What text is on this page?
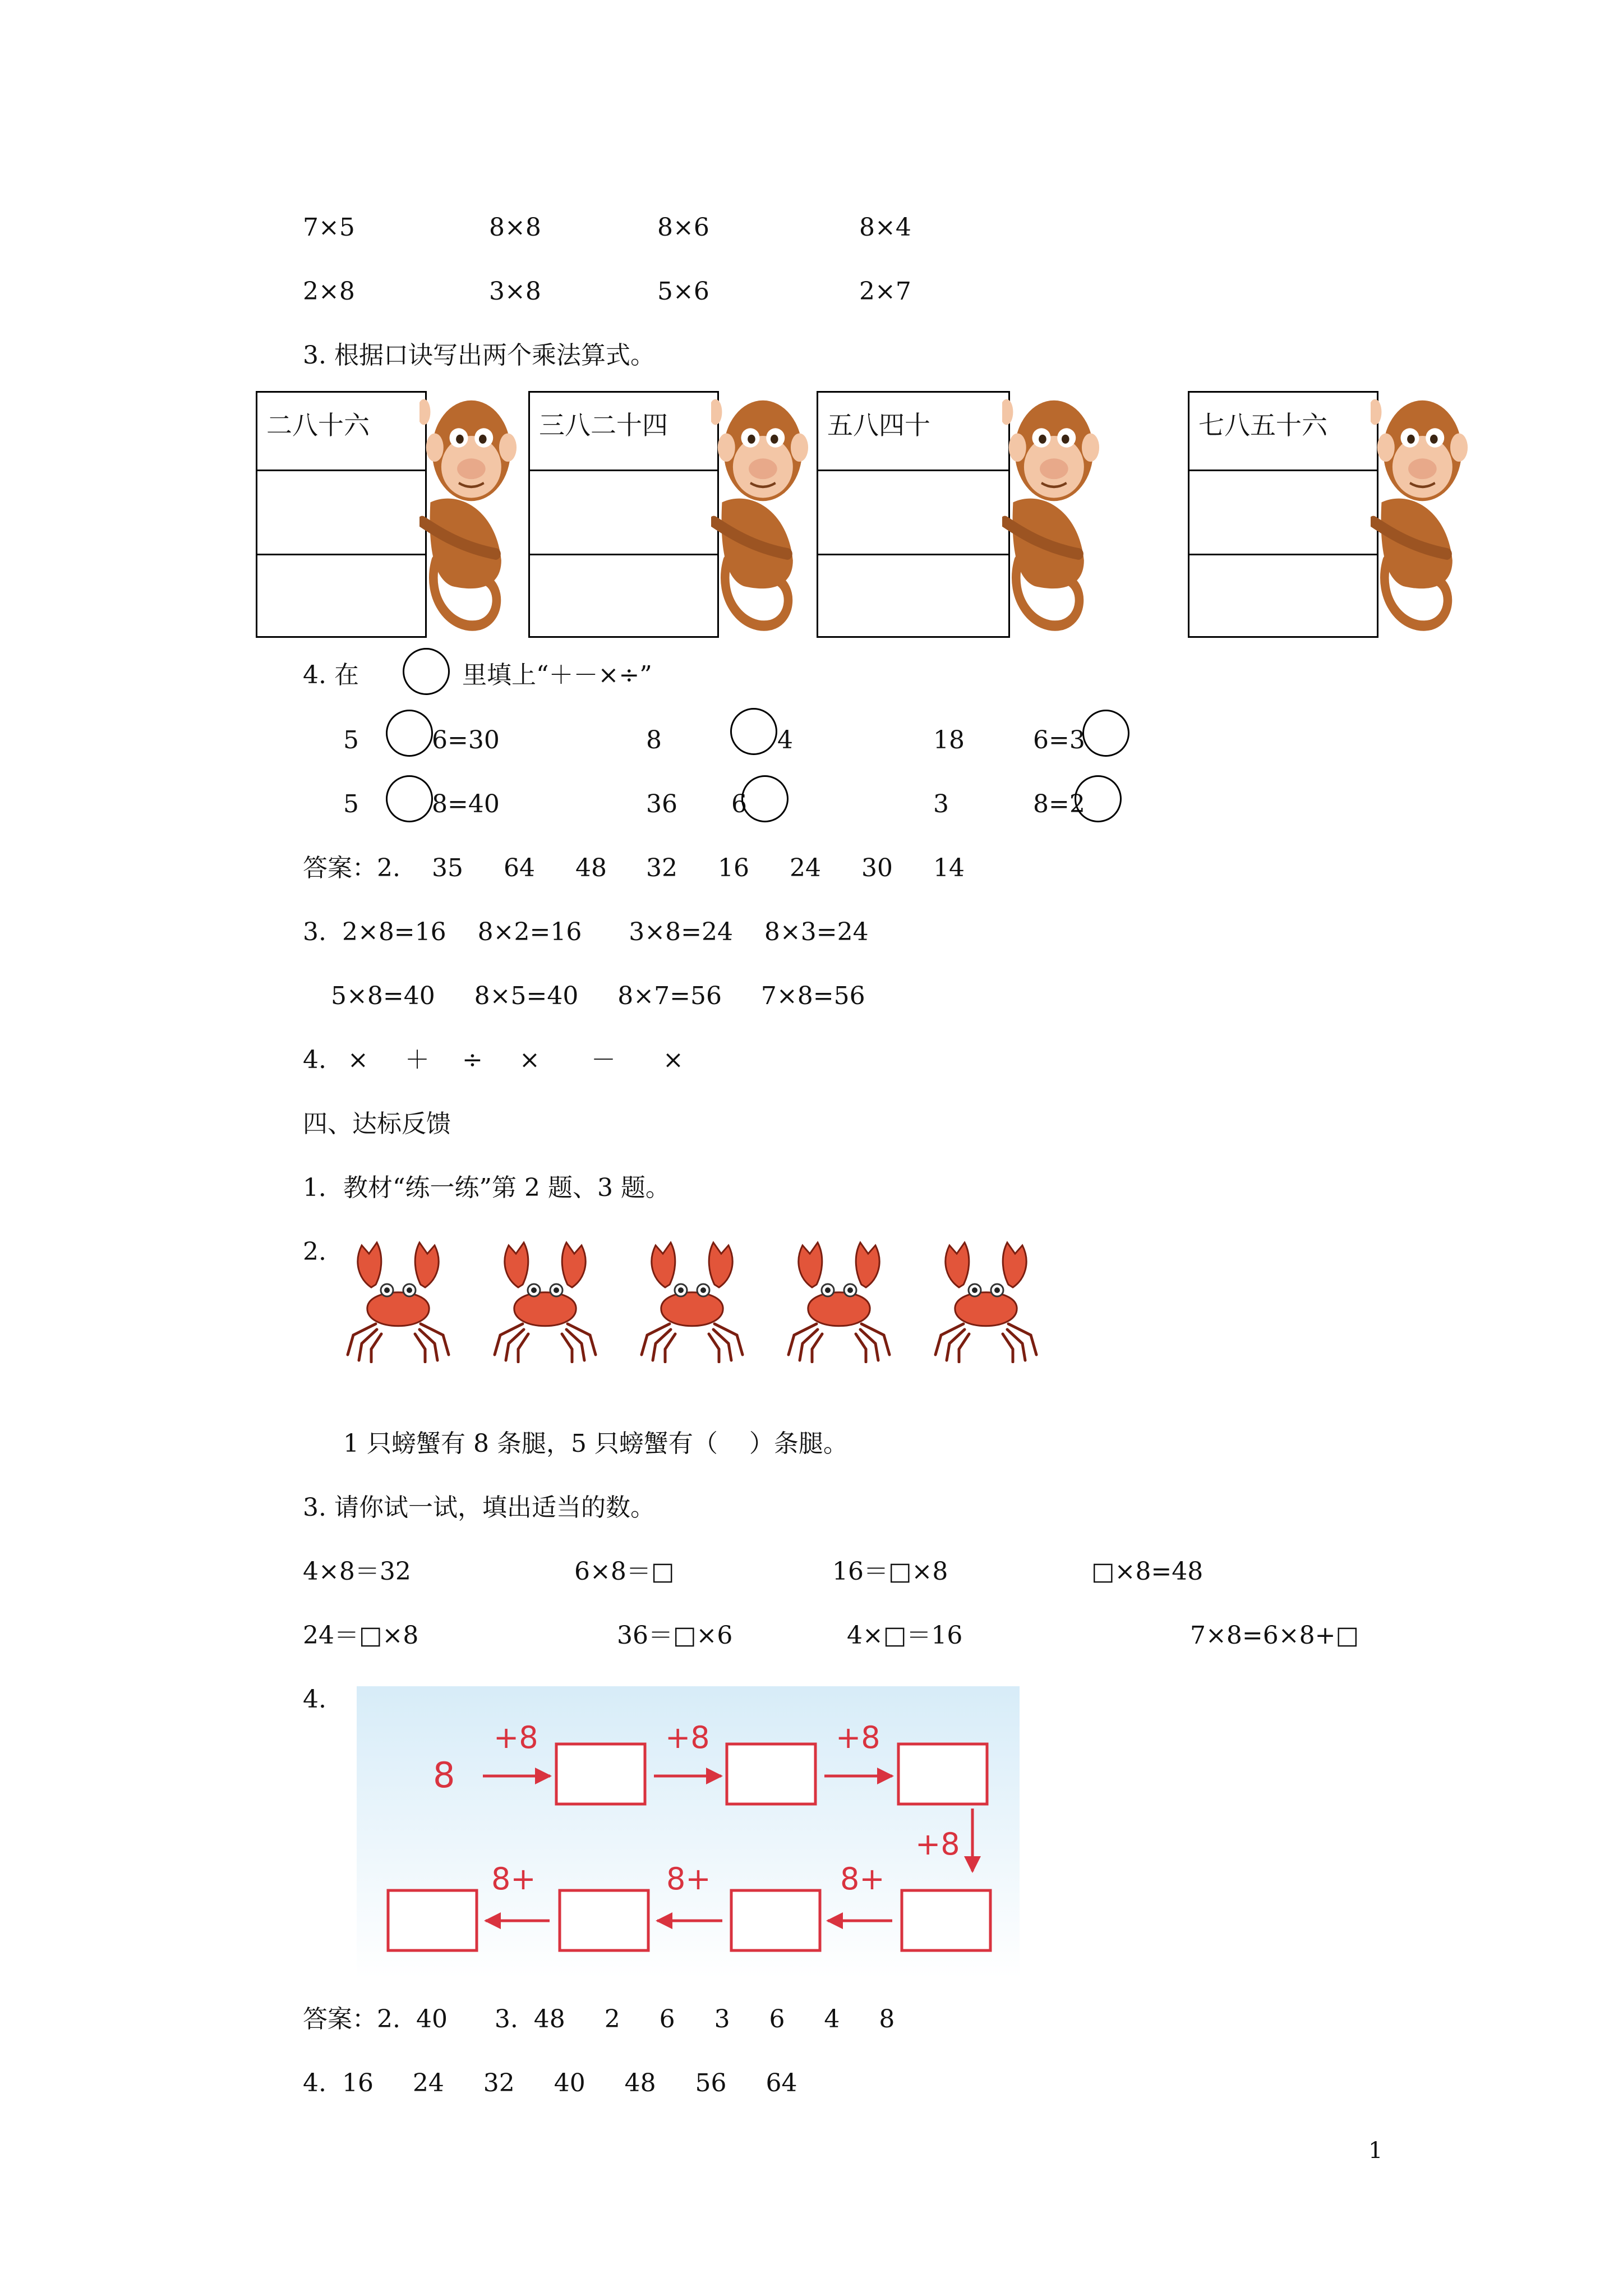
7×5	8×8	8×6	8×4
2×8	3×8	5×6	2×7
3. 根据口诀写出两个乘法算式。
二八十六	三八二十四	五八四十	七八五十六
4. 在	里填上“＋－×÷”
5	6=30	8	4	18	6=3
5	8=40	36 6	3	8=2
答案：2. 35 64 48 32 16 24 30 14
3.  2×8=16    8×2=16      3×8=24    8×3=24
5×8=40     8×5=40     8×7=56     7×8=56
4. × ＋ ÷ × － ×
四、达标反馈
1．教材“练一练”第 2 题、3 题。
2.
1 只螃蟹有 8 条腿，5 只螃蟹有（    ）条腿。
3. 请你试一试，填出适当的数。
4×8＝32	6×8＝□	16＝□×8	□×8=48
24＝□×8	36＝□×6	4×□＝16	7×8=6×8+□
4.
8
+8	+8	+8
+8
8+
8+
8+
答案：2.  40      3.  48     2     6     3     6     4     8
4.  16     24     32     40     48     56     64
1
